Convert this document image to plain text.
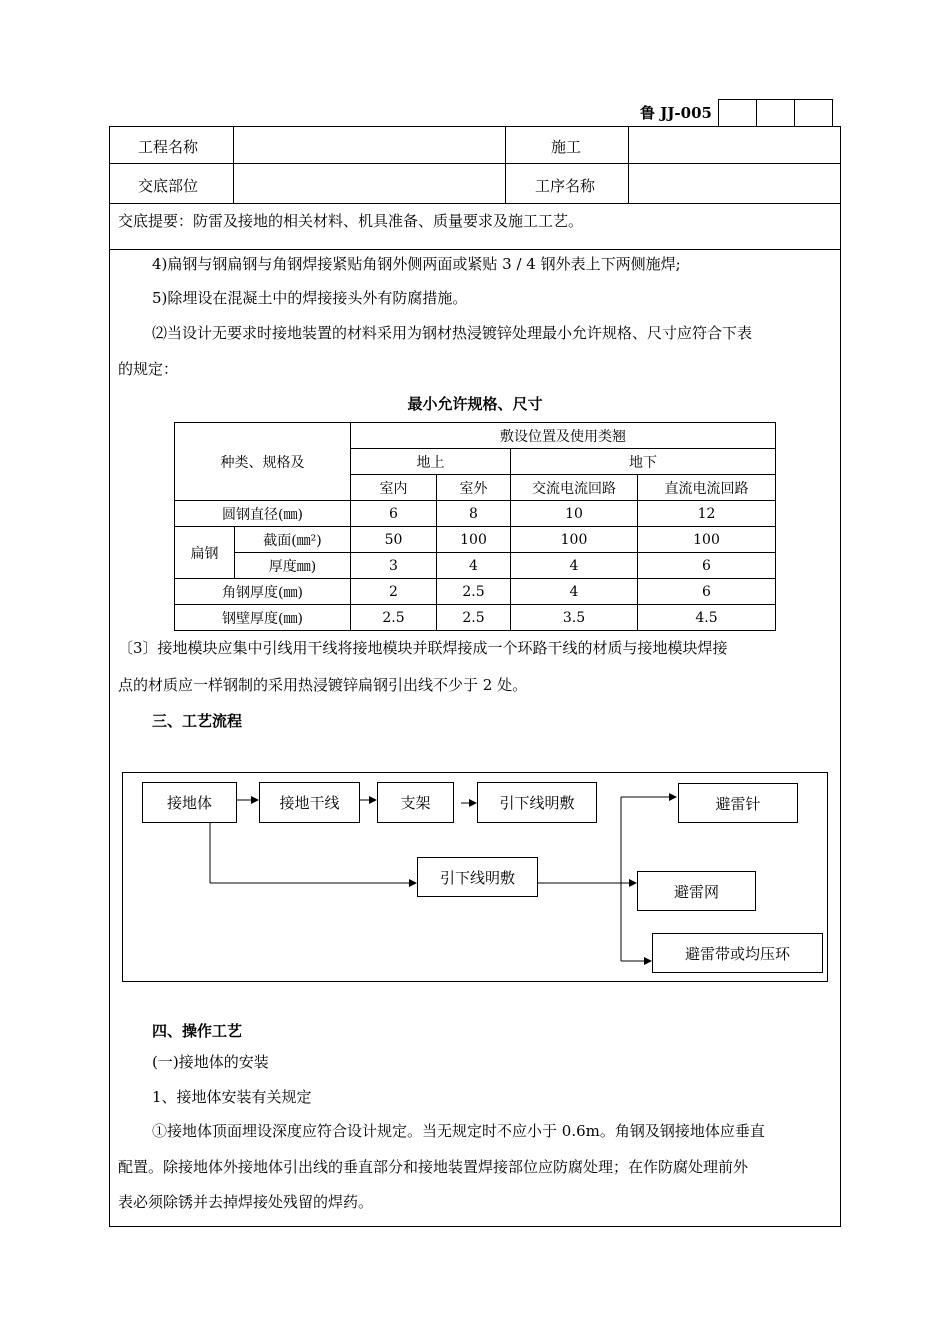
鲁 JJ-005
工程名称	施工
交底部位	工序名称
交底提要：防雷及接地的相关材料、机具准备、质量要求及施工工艺。
4)扁钢与钢扁钢与角钢焊接紧贴角钢外侧两面或紧贴 3 / 4 钢外表上下两侧施焊;
5)除埋设在混凝土中的焊接接头外有防腐措施。
⑵当设计无要求时接地装置的材料采用为钢材热浸镀锌处理最小允许规格、尺寸应符合下表
的规定：
最小允许规格、尺寸
种类、规格及		敷设位置及使用类翘			
		地上		地下	
		室内	室外	交流电流回路	直流电流回路
圆钢直径(㎜)		6	8	10	12
扁钢	截面(㎜²)	50	100	100	100
	厚度㎜)	3	4	4	6
角钢厚度(㎜)		2	2.5	4	6
钢壁厚度(㎜)		2.5	2.5	3.5	4.5
〔3〕接地模块应集中引线用干线将接地模块并联焊接成一个环路干线的材质与接地模块焊接
点的材质应一样钢制的采用热浸镀锌扁钢引出线不少于 2 处。
三、工艺流程
接地体	接地干线	支架	引下线明敷
引下线明敷
避雷针
避雷网
避雷带或均压环
四、操作工艺
(一)接地体的安装
1、接地体安装有关规定
①接地体顶面埋设深度应符合设计规定。当无规定时不应小于 0.6m。角钢及钢接地体应垂直
配置。除接地体外接地体引出线的垂直部分和接地装置焊接部位应防腐处理；在作防腐处理前外
表必须除锈并去掉焊接处残留的焊药。
